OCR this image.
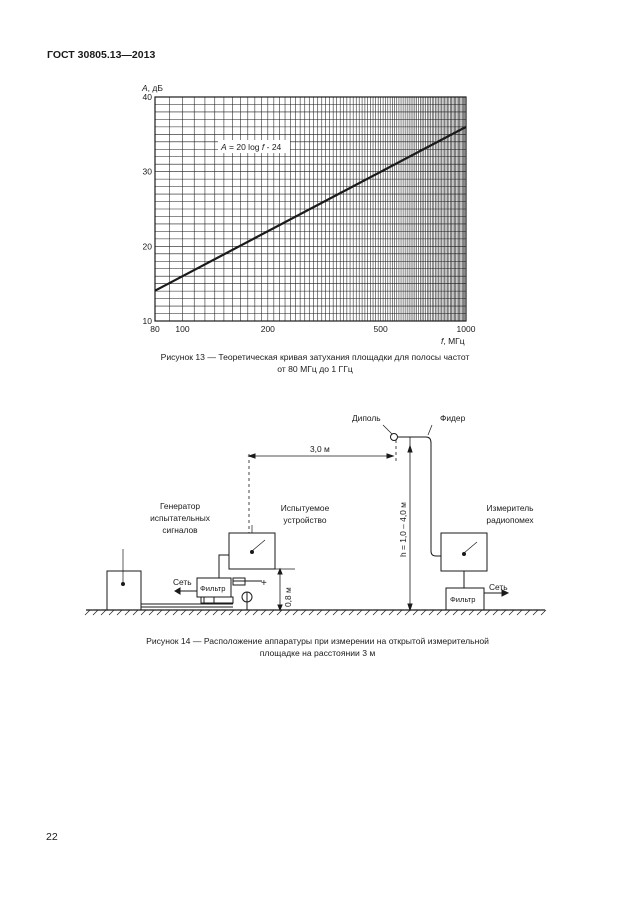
ГОСТ 30805.13—2013
10
20
30
40
80 100	200	500	1000
A, дБ
f, МГц
A = 20 log f - 24
Рисунок 13 — Теоретическая кривая затухания площадки для полосы частот
от 80 МГц до 1 ГГц
Диполь	Фидер
3,0 м
Генератор
испытательных
сигналов
Испытуемое
устройство
Измеритель
радиопомех
Сеть	Сеть
Фильтр
Фильтр
+
0,8 м
h = 1,0 – 4,0 м
Рисунок 14 — Расположение аппаратуры при измерении на открытой измерительной
площадке на расстоянии 3 м
22
